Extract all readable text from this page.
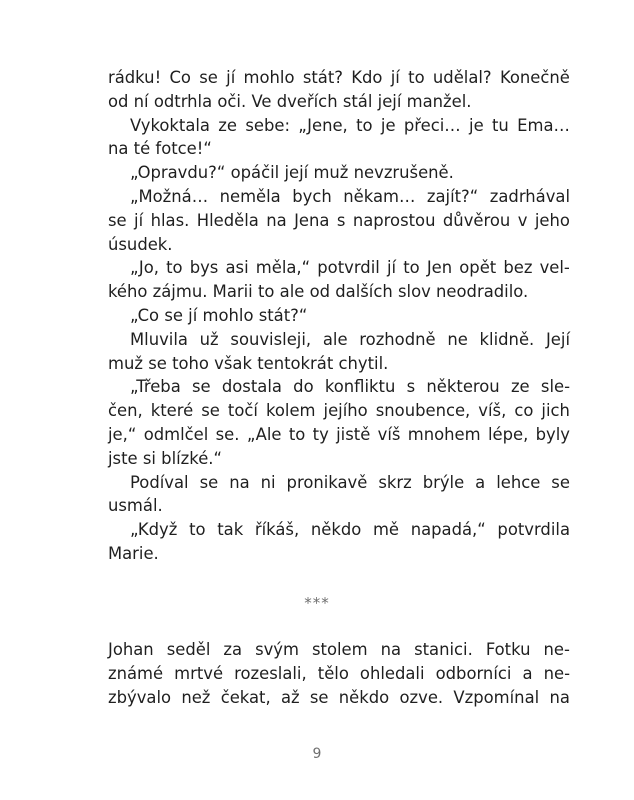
rádku! Co se jí mohlo stát? Kdo jí to udělal? Konečně
od ní odtrhla oči. Ve dveřích stál její manžel.
Vykoktala ze sebe: „Jene, to je přeci… je tu Ema…
na té fotce!“
„Opravdu?“ opáčil její muž nevzrušeně.
„Možná… neměla bych někam… zajít?“ zadrhával
se jí hlas. Hleděla na Jena s naprostou důvěrou v jeho
úsudek.
„Jo, to bys asi měla,“ potvrdil jí to Jen opět bez vel-
kého zájmu. Marii to ale od dalších slov neodradilo.
„Co se jí mohlo stát?“
Mluvila už souvisleji, ale rozhodně ne klidně. Její
muž se toho však tentokrát chytil.
„Třeba se dostala do konfliktu s některou ze sle-
čen, které se točí kolem jejího snoubence, víš, co jich
je,“ odmlčel se. „Ale to ty jistě víš mnohem lépe, byly
jste si blízké.“
Podíval se na ni pronikavě skrz brýle a lehce se
usmál.
„Když to tak říkáš, někdo mě napadá,“ potvrdila
Marie.
***
Johan seděl za svým stolem na stanici. Fotku ne-
známé mrtvé rozeslali, tělo ohledali odborníci a ne-
zbývalo než čekat, až se někdo ozve. Vzpomínal na
9
